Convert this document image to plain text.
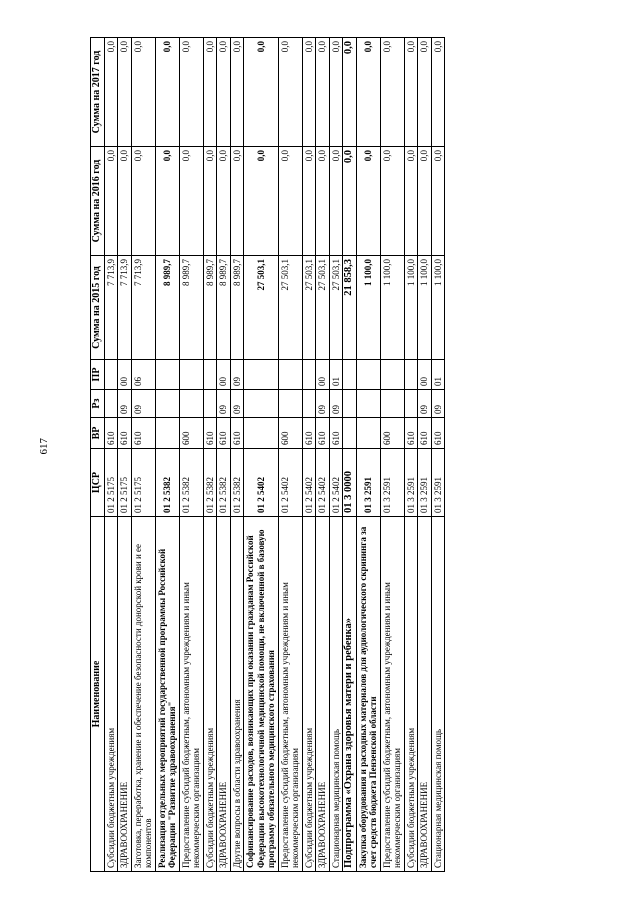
617
Наименование	ЦСР	ВР	Рз	ПР	Сумма на 2015 год	Сумма на 2016 год	Сумма на 2017 год
Субсидии бюджетным учреждениям	01 2 5175	610			7 713,9	0,0	0,0
ЗДРАВООХРАНЕНИЕ	01 2 5175	610	09	00	7 713,9	0,0	0,0
Заготовка, переработка, хранение и обеспечение безопасности донорской крови и ее компонентов	01 2 5175	610	09	06	7 713,9	0,0	0,0
Реализация отдельных мероприятий государственной программы Российской Федерации "Развитие здравоохранения"	01 2 5382				8 989,7	0,0	0,0
Предоставление субсидий бюджетным, автономным учреждениям и иным некоммерческим организациям	01 2 5382	600			8 989,7	0,0	0,0
Субсидии бюджетным учреждениям	01 2 5382	610			8 989,7	0,0	0,0
ЗДРАВООХРАНЕНИЕ	01 2 5382	610	09	00	8 989,7	0,0	0,0
Другие вопросы в области здравоохранения	01 2 5382	610	09	09	8 989,7	0,0	0,0
Софинансирование расходов, возникающих при оказании гражданам Российской Федерации высокотехнологичной медицинской помощи, не включенной в базовую программу обязательного медицинского страхования	01 2 5402				27 503,1	0,0	0,0
Предоставление субсидий бюджетным, автономным учреждениям и иным некоммерческим организациям	01 2 5402	600			27 503,1	0,0	0,0
Субсидии бюджетным учреждениям	01 2 5402	610			27 503,1	0,0	0,0
ЗДРАВООХРАНЕНИЕ	01 2 5402	610	09	00	27 503,1	0,0	0,0
Стационарная медицинская помощь	01 2 5402	610	09	01	27 503,1	0,0	0,0
Подпрограмма «Охрана здоровья матери и ребенка»	01 3 0000				21 858,3	0,0	0,0
Закупка оборудования и расходных материалов для аудиологического скрининга за счет средств бюджета Пензенской области	01 3 2591				1 100,0	0,0	0,0
Предоставление субсидий бюджетным, автономным учреждениям и иным некоммерческим организациям	01 3 2591	600			1 100,0	0,0	0,0
Субсидии бюджетным учреждениям	01 3 2591	610			1 100,0	0,0	0,0
ЗДРАВООХРАНЕНИЕ	01 3 2591	610	09	00	1 100,0	0,0	0,0
Стационарная медицинская помощь	01 3 2591	610	09	01	1 100,0	0,0	0,0
